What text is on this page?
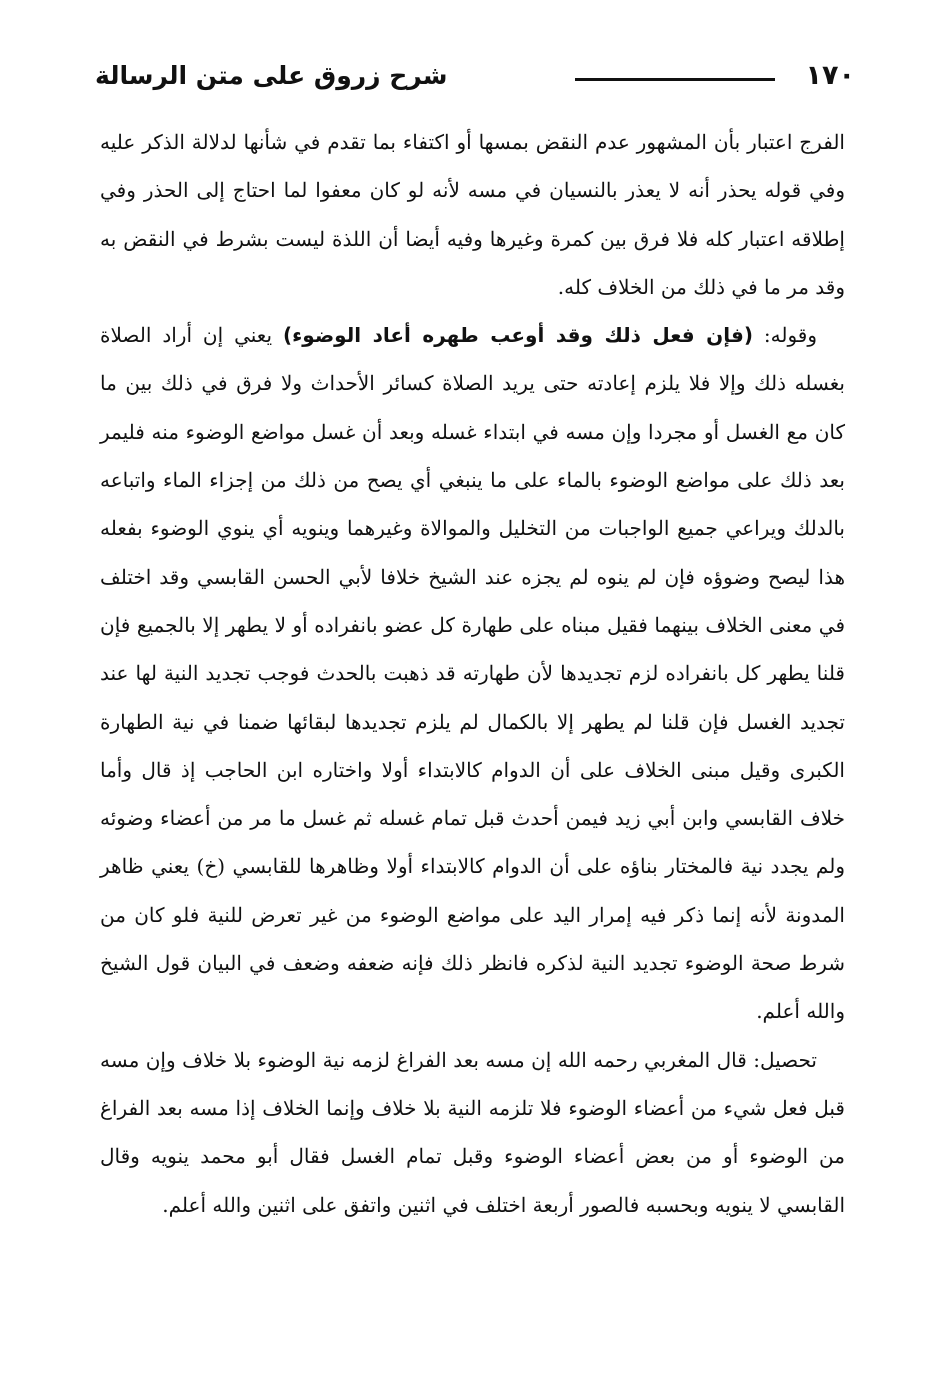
١٧٠
شرح زروق على متن الرسالة

الفرج اعتبار بأن المشهور عدم النقض بمسها أو اكتفاء بما تقدم في شأنها لدلالة الذكر عليه وفي قوله يحذر أنه لا يعذر بالنسيان في مسه لأنه لو كان معفوا لما احتاج إلى الحذر وفي إطلاقه اعتبار كله فلا فرق بين كمرة وغيرها وفيه أيضا أن اللذة ليست بشرط في النقض به وقد مر ما في ذلك من الخلاف كله.

وقوله: (فإن فعل ذلك وقد أوعب طهره أعاد الوضوء) يعني إن أراد الصلاة بغسله ذلك وإلا فلا يلزم إعادته حتى يريد الصلاة كسائر الأحداث ولا فرق في ذلك بين ما كان مع الغسل أو مجردا وإن مسه في ابتداء غسله وبعد أن غسل مواضع الوضوء منه فليمر بعد ذلك على مواضع الوضوء بالماء على ما ينبغي أي يصح من ذلك من إجزاء الماء واتباعه بالدلك ويراعي جميع الواجبات من التخليل والموالاة وغيرهما وينويه أي ينوي الوضوء بفعله هذا ليصح وضوؤه فإن لم ينوه لم يجزه عند الشيخ خلافا لأبي الحسن القابسي وقد اختلف في معنى الخلاف بينهما فقيل مبناه على طهارة كل عضو بانفراده أو لا يطهر إلا بالجميع فإن قلنا يطهر كل بانفراده لزم تجديدها لأن طهارته قد ذهبت بالحدث فوجب تجديد النية لها عند تجديد الغسل فإن قلنا لم يطهر إلا بالكمال لم يلزم تجديدها لبقائها ضمنا في نية الطهارة الكبرى وقيل مبنى الخلاف على أن الدوام كالابتداء أولا واختاره ابن الحاجب إذ قال وأما خلاف القابسي وابن أبي زيد فيمن أحدث قبل تمام غسله ثم غسل ما مر من أعضاء وضوئه ولم يجدد نية فالمختار بناؤه على أن الدوام كالابتداء أولا وظاهرها للقابسي (خ) يعني ظاهر المدونة لأنه إنما ذكر فيه إمرار اليد على مواضع الوضوء من غير تعرض للنية فلو كان من شرط صحة الوضوء تجديد النية لذكره فانظر ذلك فإنه ضعفه وضعف في البيان قول الشيخ والله أعلم.

تحصيل: قال المغربي رحمه الله إن مسه بعد الفراغ لزمه نية الوضوء بلا خلاف وإن مسه قبل فعل شيء من أعضاء الوضوء فلا تلزمه النية بلا خلاف وإنما الخلاف إذا مسه بعد الفراغ من الوضوء أو من بعض أعضاء الوضوء وقبل تمام الغسل فقال أبو محمد ينويه وقال القابسي لا ينويه وبحسبه فالصور أربعة اختلف في اثنين واتفق على اثنين والله أعلم.
